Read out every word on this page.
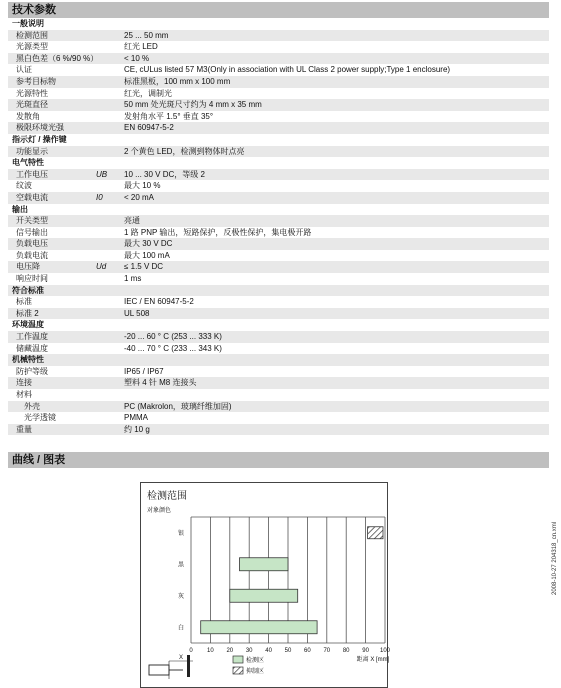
技术参数
一般说明
检测范围	25 ... 50 mm
光源类型	红光 LED
黑白色差（6 %/90 %）	< 10 %
认证	CE, cULus listed 57 M3(Only in association with UL Class 2 power supply;Type 1 enclosure)
参考目标物	标准黑板，100 mm x 100 mm
光源特性	红光，调制光
光斑直径	50 mm 处光斑尺寸约为 4 mm x 35 mm
发散角	发射角水平 1.5° 垂直 35°
极限环境光强	EN 60947-5-2
指示灯 / 操作键
功能显示	2 个黄色 LED，检测到物体时点亮
电气特性
工作电压	UB 10 ... 30 V DC，等级 2
纹波	最大 10 %
空载电流	I0	< 20 mA
输出
开关类型	亮通
信号输出	1 路 PNP 输出，短路保护，反极性保护，集电极开路
负载电压	最大 30 V DC
负载电流	最大 100 mA
电压降	Ud ≤ 1.5 V DC
响应时间	1 ms
符合标准
标准	IEC / EN 60947-5-2
标准 2	UL 508
环境温度
工作温度	-20 ... 60 ° C (253 ... 333 K)
储藏温度	-40 ... 70 ° C (233 ... 343 K)
机械特性
防护等级	IP65 / IP67
连接	塑料 4 针 M8 连接头
材料
外壳	PC (Makrolon，玻璃纤维加固)
光学透镜	PMMA
重量	约 10 g
曲线 / 图表
检测范围
对象颜色
0 10 20 30 40 50 60 70 80 90 100
银
黑
灰
白
距离 X [mm]
X	检测区
抑制区
2008-10-27 204318_cn.xml
